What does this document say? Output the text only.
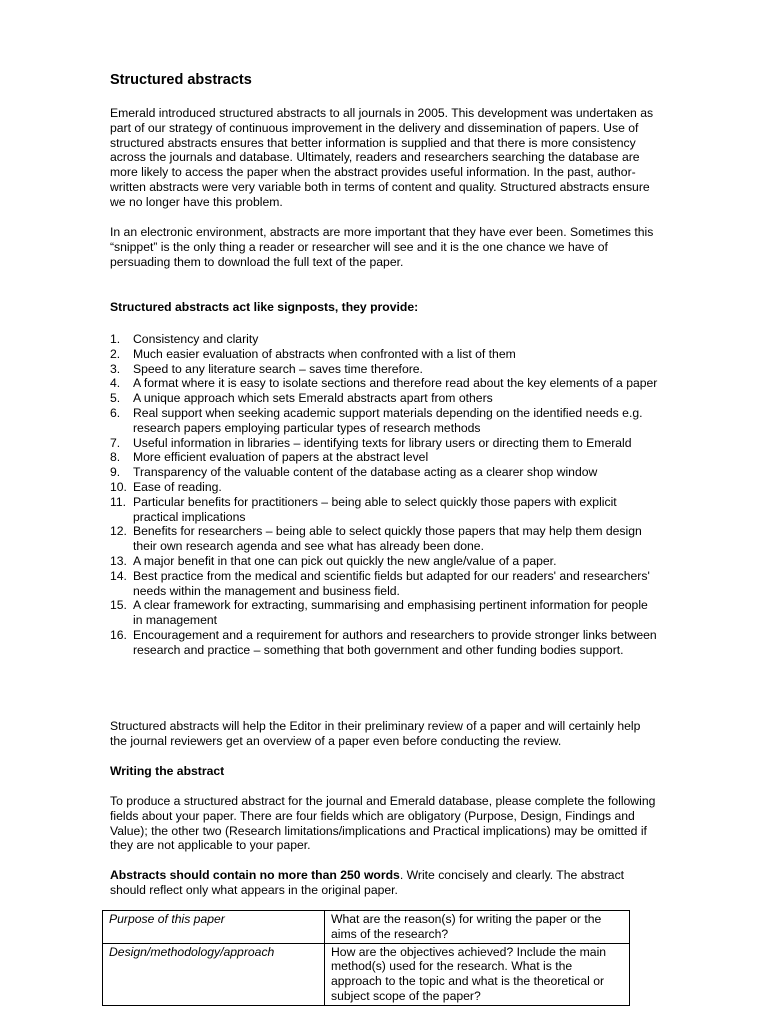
Structured abstracts

Emerald introduced structured abstracts to all journals in 2005. This development was undertaken as part of our strategy of continuous improvement in the delivery and dissemination of papers. Use of structured abstracts ensures that better information is supplied and that there is more consistency across the journals and database. Ultimately, readers and researchers searching the database are more likely to access the paper when the abstract provides useful information. In the past, author-written abstracts were very variable both in terms of content and quality. Structured abstracts ensure we no longer have this problem.

In an electronic environment, abstracts are more important that they have ever been. Sometimes this “snippet” is the only thing a reader or researcher will see and it is the one chance we have of persuading them to download the full text of the paper.

Structured abstracts act like signposts, they provide:

1. Consistency and clarity
2. Much easier evaluation of abstracts when confronted with a list of them
3. Speed to any literature search – saves time therefore.
4. A format where it is easy to isolate sections and therefore read about the key elements of a paper
5. A unique approach which sets Emerald abstracts apart from others
6. Real support when seeking academic support materials depending on the identified needs e.g. research papers employing particular types of research methods
7. Useful information in libraries – identifying texts for library users or directing them to Emerald
8. More efficient evaluation of papers at the abstract level
9. Transparency of the valuable content of the database acting as a clearer shop window
10. Ease of reading.
11. Particular benefits for practitioners – being able to select quickly those papers with explicit practical implications
12. Benefits for researchers – being able to select quickly those papers that may help them design their own research agenda and see what has already been done.
13. A major benefit in that one can pick out quickly the new angle/value of a paper.
14. Best practice from the medical and scientific fields but adapted for our readers' and researchers' needs within the management and business field.
15. A clear framework for extracting, summarising and emphasising pertinent information for people in management
16. Encouragement and a requirement for authors and researchers to provide stronger links between research and practice – something that both government and other funding bodies support.

Structured abstracts will help the Editor in their preliminary review of a paper and will certainly help the journal reviewers get an overview of a paper even before conducting the review.

Writing the abstract

To produce a structured abstract for the journal and Emerald database, please complete the following fields about your paper. There are four fields which are obligatory (Purpose, Design, Findings and Value); the other two (Research limitations/implications and Practical implications) may be omitted if they are not applicable to your paper.

Abstracts should contain no more than 250 words. Write concisely and clearly. The abstract should reflect only what appears in the original paper.

Purpose of this paper	What are the reason(s) for writing the paper or the aims of the research?
Design/methodology/approach	How are the objectives achieved? Include the main method(s) used for the research. What is the approach to the topic and what is the theoretical or subject scope of the paper?
